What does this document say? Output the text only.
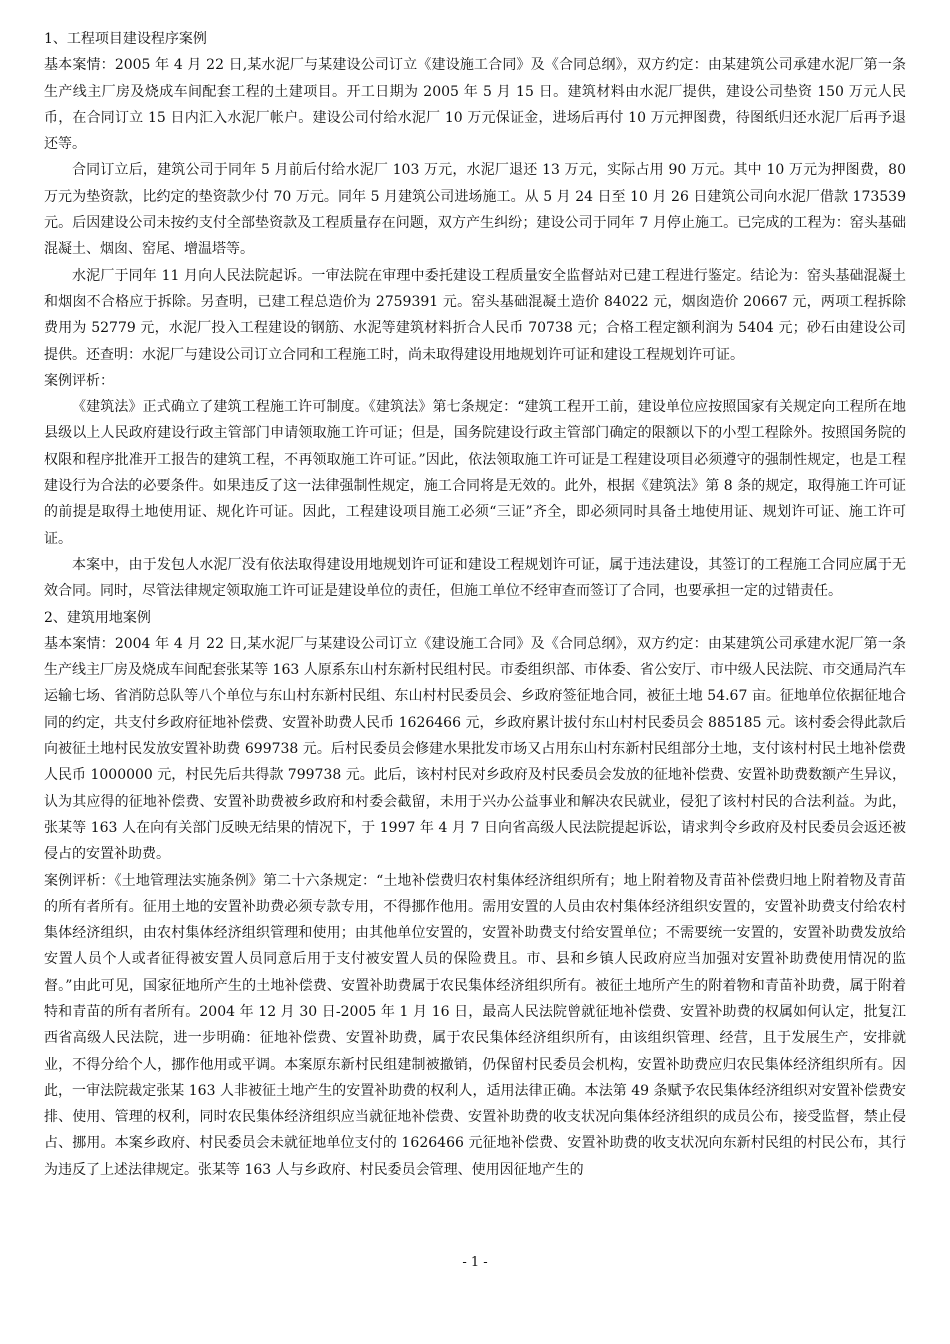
1、工程项目建设程序案例

基本案情：2005 年 4 月 22 日,某水泥厂与某建设公司订立《建设施工合同》及《合同总纲》，双方约定：由某建筑公司承建水泥厂第一条生产线主厂房及烧成车间配套工程的土建项目。开工日期为 2005 年 5 月 15 日。建筑材料由水泥厂提供，建设公司垫资 150 万元人民币，在合同订立 15 日内汇入水泥厂帐户。建设公司付给水泥厂 10 万元保证金，进场后再付 10 万元押图费，待图纸归还水泥厂后再予退还等。

合同订立后，建筑公司于同年 5 月前后付给水泥厂 103 万元，水泥厂退还 13 万元，实际占用 90 万元。其中 10 万元为押图费，80 万元为垫资款，比约定的垫资款少付 70 万元。同年 5 月建筑公司进场施工。从 5 月 24 日至 10 月 26 日建筑公司向水泥厂借款 173539 元。后因建设公司未按约支付全部垫资款及工程质量存在问题，双方产生纠纷；建设公司于同年 7 月停止施工。已完成的工程为：窑头基础混凝土、烟囱、窑尾、增温塔等。

水泥厂于同年 11 月向人民法院起诉。一审法院在审理中委托建设工程质量安全监督站对已建工程进行鉴定。结论为：窑头基础混凝土和烟囱不合格应于拆除。另查明，已建工程总造价为 2759391 元。窑头基础混凝土造价 84022 元，烟囱造价 20667 元，两项工程拆除费用为 52779 元，水泥厂投入工程建设的钢筋、水泥等建筑材料折合人民币 70738 元；合格工程定额利润为 5404 元；砂石由建设公司提供。还查明：水泥厂与建设公司订立合同和工程施工时，尚未取得建设用地规划许可证和建设工程规划许可证。

案例评析：

《建筑法》正式确立了建筑工程施工许可制度。《建筑法》第七条规定：“建筑工程开工前，建设单位应按照国家有关规定向工程所在地县级以上人民政府建设行政主管部门申请领取施工许可证；但是，国务院建设行政主管部门确定的限额以下的小型工程除外。按照国务院的权限和程序批准开工报告的建筑工程，不再领取施工许可证。”因此，依法领取施工许可证是工程建设项目必须遵守的强制性规定，也是工程建设行为合法的必要条件。如果违反了这一法律强制性规定，施工合同将是无效的。此外，根据《建筑法》第 8 条的规定，取得施工许可证的前提是取得土地使用证、规化许可证。因此，工程建设项目施工必须“三证”齐全，即必须同时具备土地使用证、规划许可证、施工许可证。

本案中，由于发包人水泥厂没有依法取得建设用地规划许可证和建设工程规划许可证，属于违法建设，其签订的工程施工合同应属于无效合同。同时，尽管法律规定领取施工许可证是建设单位的责任，但施工单位不经审查而签订了合同，也要承担一定的过错责任。

2、建筑用地案例

基本案情：2004 年 4 月 22 日,某水泥厂与某建设公司订立《建设施工合同》及《合同总纲》，双方约定：由某建筑公司承建水泥厂第一条生产线主厂房及烧成车间配套张某等 163 人原系东山村东新村民组村民。市委组织部、市体委、省公安厅、市中级人民法院、市交通局汽车运输七场、省消防总队等八个单位与东山村东新村民组、东山村村民委员会、乡政府签征地合同，被征土地 54.67 亩。征地单位依据征地合同的约定，共支付乡政府征地补偿费、安置补助费人民币 1626466 元，乡政府累计拔付东山村村民委员会 885185 元。该村委会得此款后向被征土地村民发放安置补助费 699738 元。后村民委员会修建水果批发市场又占用东山村东新村民组部分土地，支付该村村民土地补偿费人民币 1000000 元，村民先后共得款 799738 元。此后，该村村民对乡政府及村民委员会发放的征地补偿费、安置补助费数额产生异议，认为其应得的征地补偿费、安置补助费被乡政府和村委会截留，未用于兴办公益事业和解决农民就业，侵犯了该村村民的合法利益。为此，张某等 163 人在向有关部门反映无结果的情况下，于 1997 年 4 月 7 日向省高级人民法院提起诉讼，请求判令乡政府及村民委员会返还被侵占的安置补助费。

案例评析：《土地管理法实施条例》第二十六条规定：“土地补偿费归农村集体经济组织所有；地上附着物及青苗补偿费归地上附着物及青苗的所有者所有。征用土地的安置补助费必须专款专用，不得挪作他用。需用安置的人员由农村集体经济组织安置的，安置补助费支付给农村集体经济组织，由农村集体经济组织管理和使用；由其他单位安置的，安置补助费支付给安置单位；不需要统一安置的，安置补助费发放给安置人员个人或者征得被安置人员同意后用于支付被安置人员的保险费且。市、县和乡镇人民政府应当加强对安置补助费使用情况的监督。”由此可见，国家征地所产生的土地补偿费、安置补助费属于农民集体经济组织所有。被征土地所产生的附着物和青苗补助费，属于附着特和青苗的所有者所有。2004 年 12 月 30 日-2005 年 1 月 16 日，最高人民法院曾就征地补偿费、安置补助费的权属如何认定，批复江西省高级人民法院，进一步明确：征地补偿费、安置补助费，属于农民集体经济组织所有，由该组织管理、经营，且于发展生产，安排就业，不得分给个人，挪作他用或平调。本案原东新村民组建制被撤销，仍保留村民委员会机构，安置补助费应归农民集体经济组织所有。因此，一审法院裁定张某 163 人非被征土地产生的安置补助费的权利人，适用法律正确。本法第 49 条赋予农民集体经济组织对安置补偿费安排、使用、管理的权利，同时农民集体经济组织应当就征地补偿费、安置补助费的收支状况向集体经济组织的成员公布，接受监督，禁止侵占、挪用。本案乡政府、村民委员会未就征地单位支付的 1626466 元征地补偿费、安置补助费的收支状况向东新村民组的村民公布，其行为违反了上述法律规定。张某等 163 人与乡政府、村民委员会管理、使用因征地产生的

- 1 -
